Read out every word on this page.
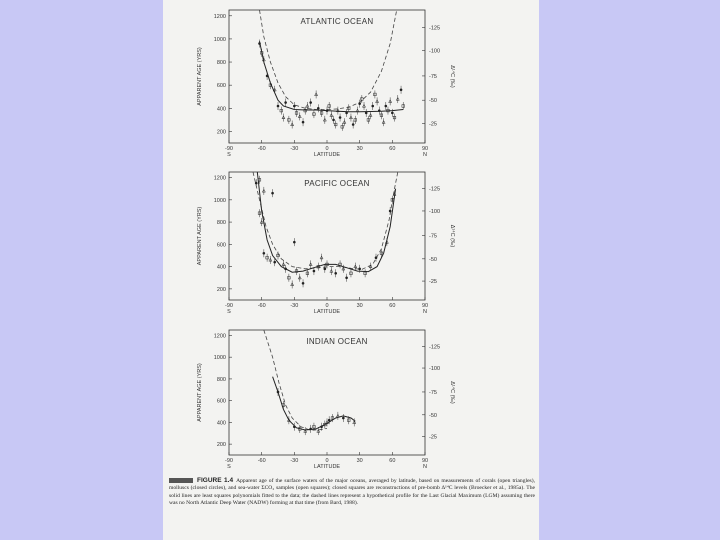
ATLANTIC OCEAN
-90	-60	-30	0	30	60	90
S	N
LATITUDE
200
400
600
800
1000
1200
APPARENT AGE (YRS)
-125
-100
-75
-50
-25
Δ¹⁴C (‰)
PACIFIC OCEAN
-90	-60	-30	0	30	60	90
S	N
LATITUDE
200
400
600
800
1000
1200
APPARENT AGE (YRS)
-125
-100
-75
-50
-25
Δ¹⁴C (‰)
INDIAN OCEAN
-90	-60	-30	0	30	60	90
S	N
LATITUDE
200
400
600
800
1000
1200
APPARENT AGE (YRS)
-125
-100
-75
-50
-25
Δ¹⁴C (‰)
FIGURE 1.4 Apparent age of the surface waters of the major oceans, averaged by latitude, based on measurements of corals (open triangles), molluscs (closed circles), and sea-water ΣCO₂ samples (open squares); closed squares are reconstructions of pre-bomb Δ¹⁴C levels (Broecker et al., 1985a). The solid lines are least squares polynomials fitted to the data; the dashed lines represent a hypothetical profile for the Last Glacial Maximum (LGM) assuming there was no North Atlantic Deep Water (NADW) forming at that time (from Bard, 1988).
